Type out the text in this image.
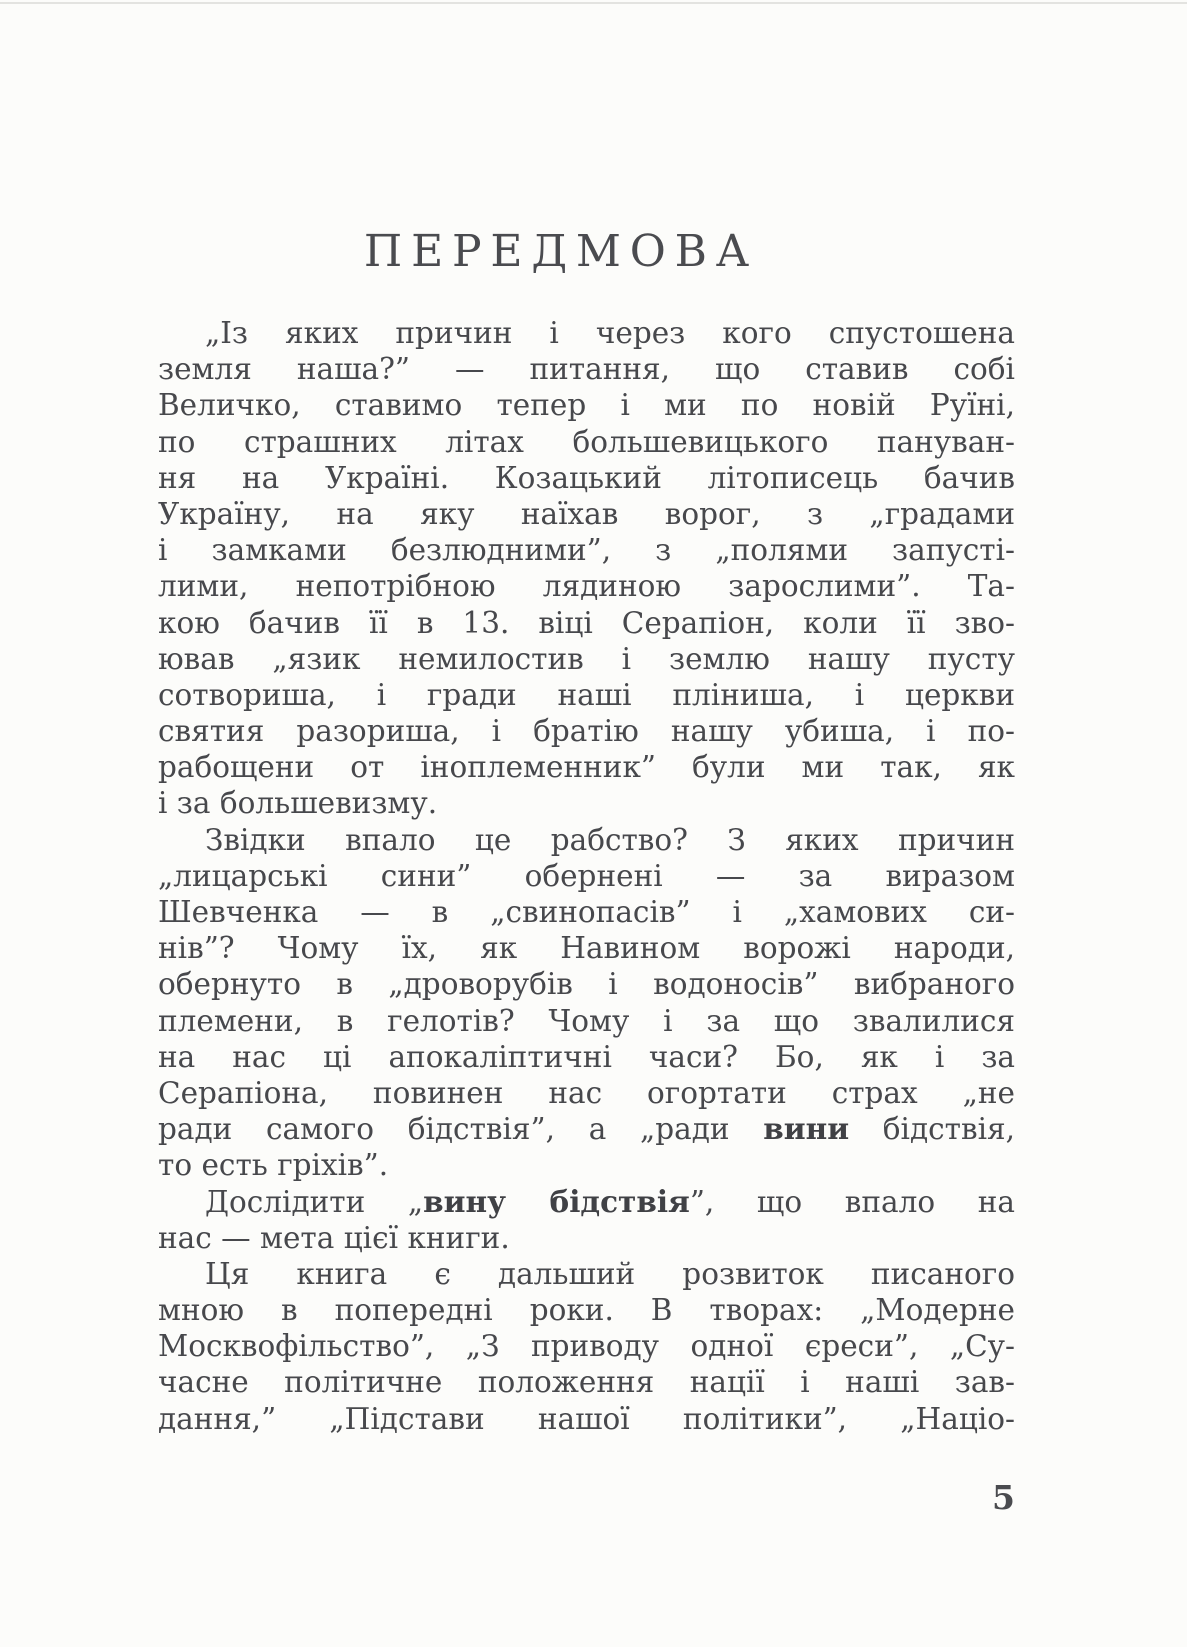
ПЕРЕДМОВА
„Із яких причин і через кого спустошена
земля наша?” — питання, що ставив собі
Величко, ставимо тепер і ми по новій Руїні,
по страшних літах большевицького пануван-
ня на Україні. Козацький літописець бачив
Україну, на яку наїхав ворог, з „градами
і замками безлюдними”, з „полями запусті-
лими, непотрібною лядиною зарослими”. Та-
кою бачив її в 13. віці Серапіон, коли її зво-
ював „язик немилостив і землю нашу пусту
сотвориша, і гради наші пліниша, і церкви
святия разориша, і братію нашу убиша, і по-
рабощени от іноплеменник” були ми так, як
і за большевизму.
Звідки впало це рабство? З яких причин
„лицарські сини” обернені — за виразом
Шевченка — в „свинопасів” і „хамових си-
нів”? Чому їх, як Навином ворожі народи,
обернуто в „дроворубів і водоносів” вибраного
племени, в гелотів? Чому і за що звалилися
на нас ці апокаліптичні часи? Бо, як і за
Серапіона, повинен нас огортати страх „не
ради самого бідствія”, а „ради вини бідствія,
то есть гріхів”.
Дослідити „вину бідствія”, що впало на
нас — мета цієї книги.
Ця книга є дальший розвиток писаного
мною в попередні роки. В творах: „Модерне
Москвофільство”, „З приводу одної єреси”, „Су-
часне політичне положення нації і наші зав-
дання,” „Підстави нашої політики”, „Націо-
5
